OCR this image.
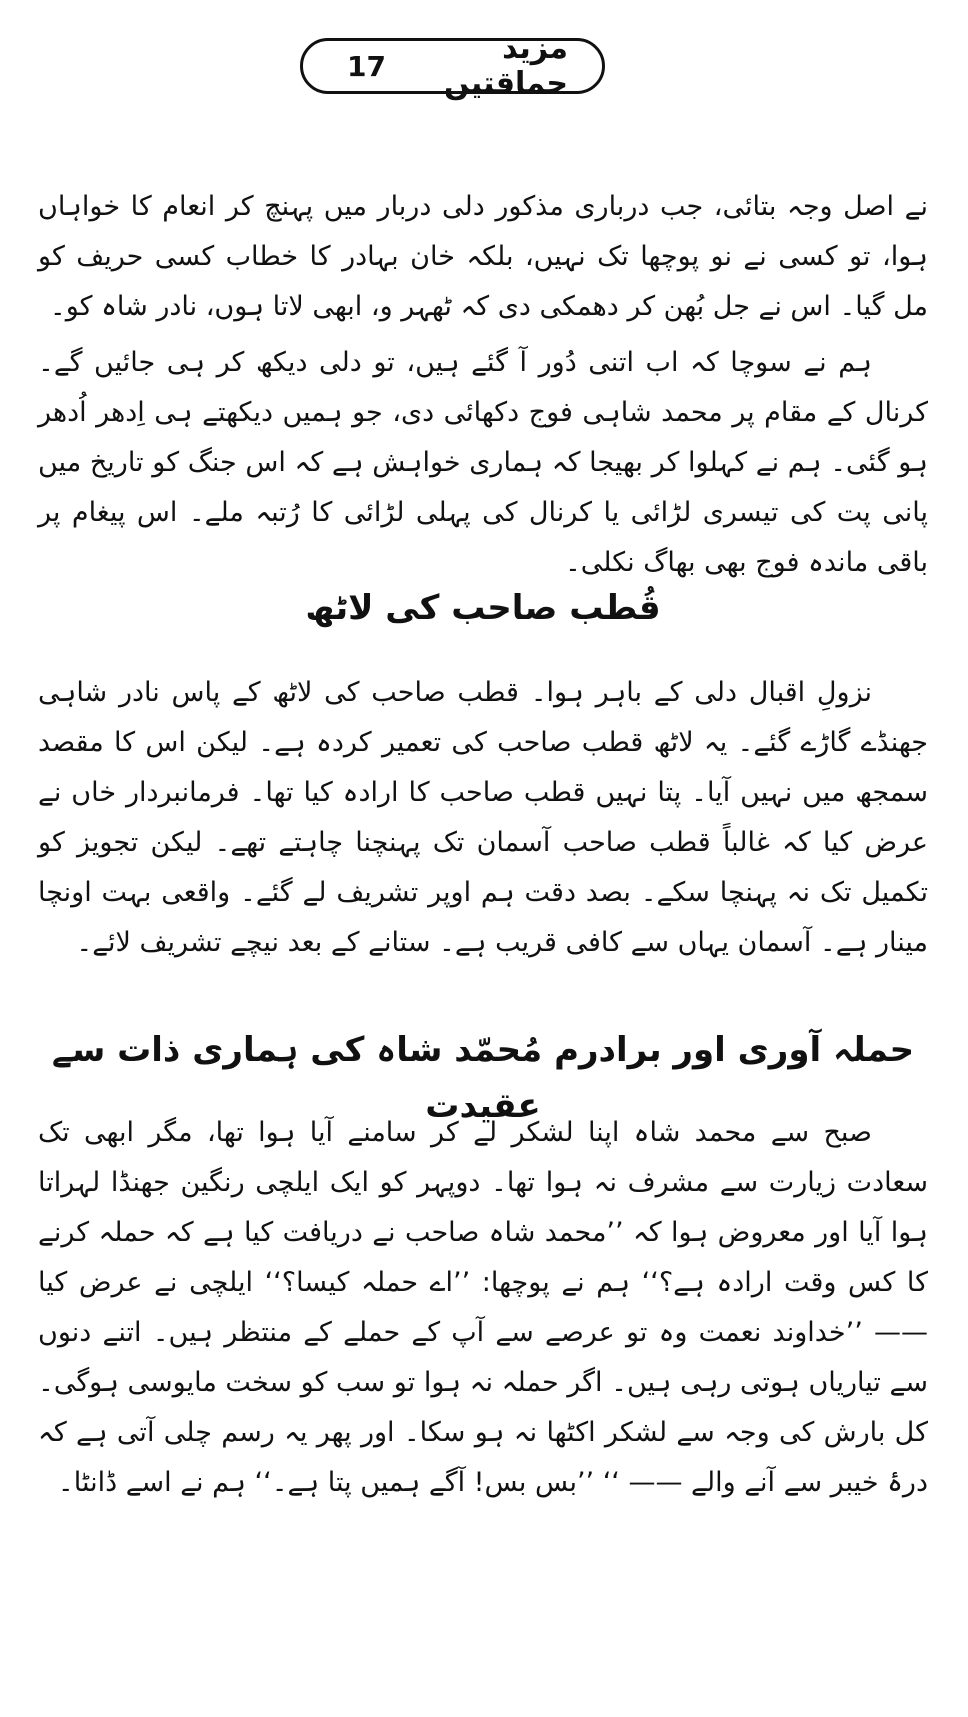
17	مزید حماقتیں

نے اصل وجہ بتائی، جب درباری مذکور دلی دربار میں پہنچ کر انعام کا خواہاں ہوا، تو کسی نے نو پوچھا تک نہیں، بلکہ خان بہادر کا خطاب کسی حریف کو مل گیا۔ اس نے جل بُھن کر دھمکی دی کہ ٹھہر و، ابھی لاتا ہوں، نادر شاہ کو۔

ہم نے سوچا کہ اب اتنی دُور آ گئے ہیں، تو دلی دیکھ کر ہی جائیں گے۔ کرنال کے مقام پر محمد شاہی فوج دکھائی دی، جو ہمیں دیکھتے ہی اِدھر اُدھر ہو گئی۔ ہم نے کہلوا کر بھیجا کہ ہماری خواہش ہے کہ اس جنگ کو تاریخ میں پانی پت کی تیسری لڑائی یا کرنال کی پہلی لڑائی کا رُتبہ ملے۔ اس پیغام پر باقی ماندہ فوج بھی بھاگ نکلی۔

قُطب صاحب کی لاٹھ

نزولِ اقبال دلی کے باہر ہوا۔ قطب صاحب کی لاٹھ کے پاس نادر شاہی جھنڈے گاڑے گئے۔ یہ لاٹھ قطب صاحب کی تعمیر کردہ ہے۔ لیکن اس کا مقصد سمجھ میں نہیں آیا۔ پتا نہیں قطب صاحب کا ارادہ کیا تھا۔ فرمانبردار خاں نے عرض کیا کہ غالباً قطب صاحب آسمان تک پہنچنا چاہتے تھے۔ لیکن تجویز کو تکمیل تک نہ پہنچا سکے۔ بصد دقت ہم اوپر تشریف لے گئے۔ واقعی بہت اونچا مینار ہے۔ آسمان یہاں سے کافی قریب ہے۔ ستانے کے بعد نیچے تشریف لائے۔

حملہ آوری اور برادرم مُحمّد شاہ کی ہماری ذات سے عقیدت

صبح سے محمد شاہ اپنا لشکر لے کر سامنے آیا ہوا تھا، مگر ابھی تک سعادت زیارت سے مشرف نہ ہوا تھا۔ دوپہر کو ایک ایلچی رنگین جھنڈا لہراتا ہوا آیا اور معروض ہوا کہ ’’محمد شاہ صاحب نے دریافت کیا ہے کہ حملہ کرنے کا کس وقت ارادہ ہے؟‘‘ ہم نے پوچھا: ’’اے حملہ کیسا؟‘‘ ایلچی نے عرض کیا —— ’’خداوند نعمت وہ تو عرصے سے آپ کے حملے کے منتظر ہیں۔ اتنے دنوں سے تیاریاں ہوتی رہی ہیں۔ اگر حملہ نہ ہوا تو سب کو سخت مایوسی ہوگی۔ کل بارش کی وجہ سے لشکر اکٹھا نہ ہو سکا۔ اور پھر یہ رسم چلی آتی ہے کہ درۂ خیبر سے آنے والے —— ‘‘ ’’بس بس! آگے ہمیں پتا ہے۔‘‘ ہم نے اسے ڈانٹا۔
